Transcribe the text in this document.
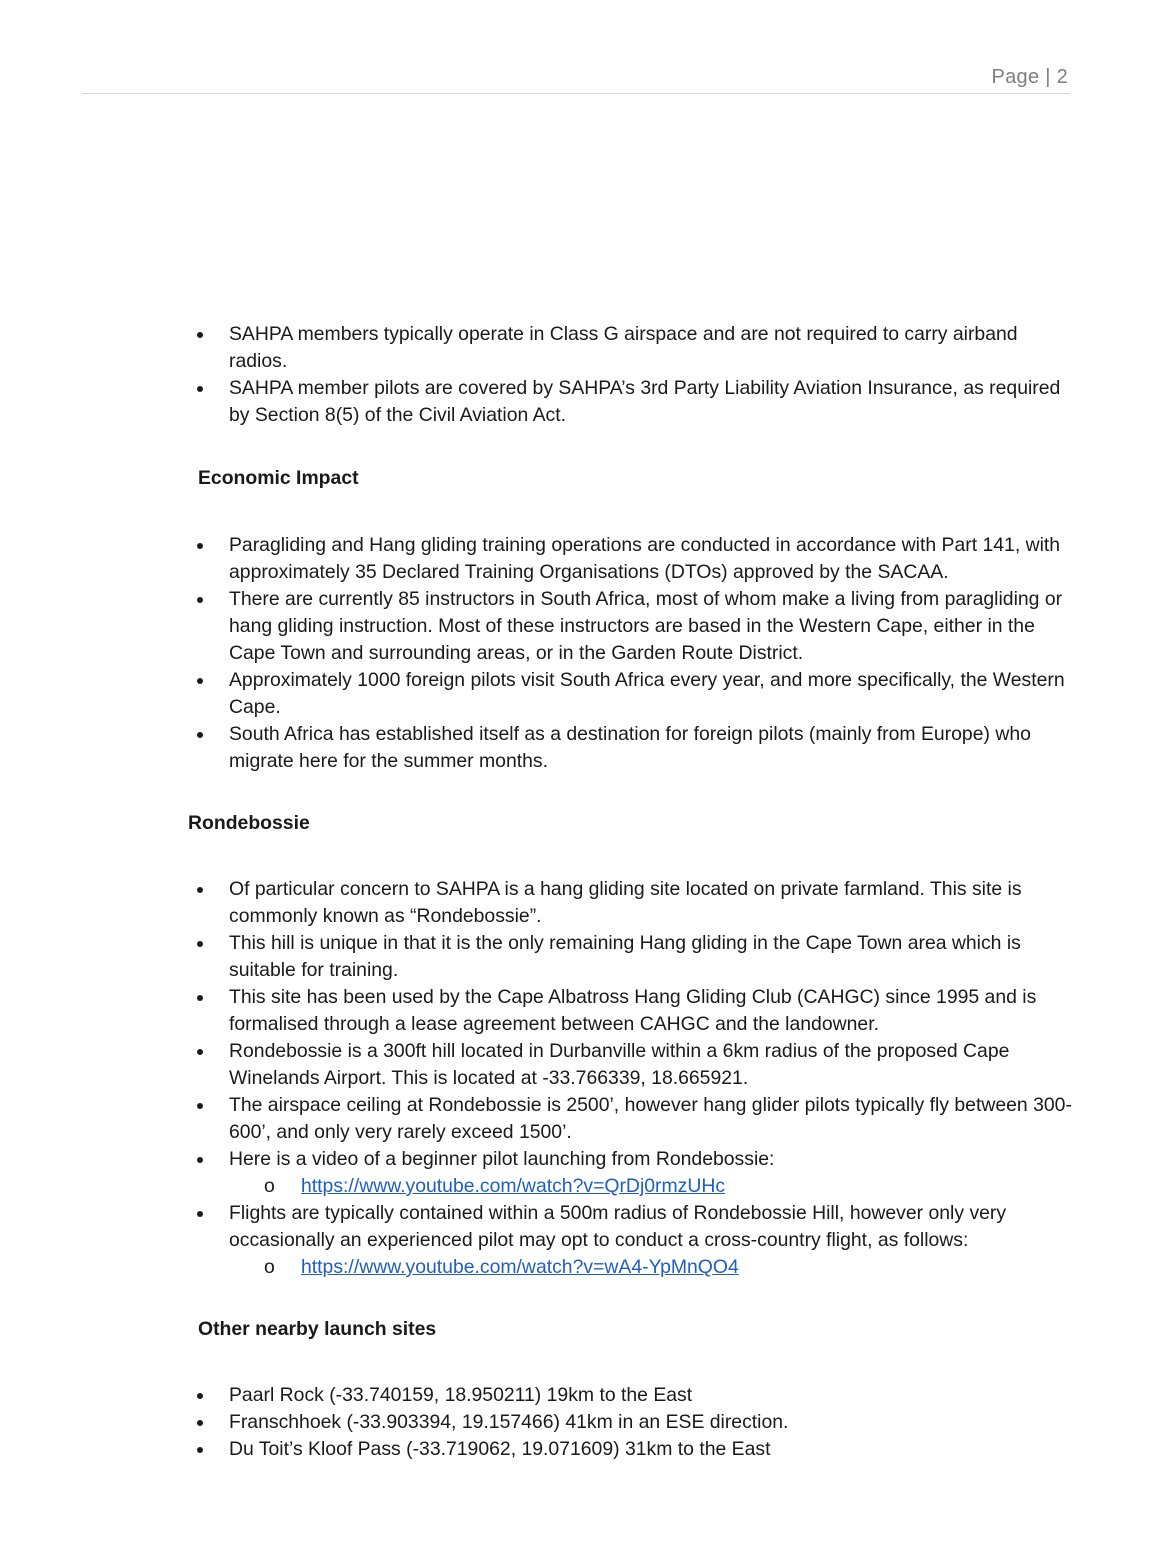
Page | 2
SAHPA members typically operate in Class G airspace and are not required to carry airband radios.
SAHPA member pilots are covered by SAHPA’s 3rd Party Liability Aviation Insurance, as required by Section 8(5) of the Civil Aviation Act.
Economic Impact
Paragliding and Hang gliding training operations are conducted in accordance with Part 141, with approximately 35 Declared Training Organisations (DTOs) approved by the SACAA.
There are currently 85 instructors in South Africa, most of whom make a living from paragliding or hang gliding instruction. Most of these instructors are based in the Western Cape, either in the Cape Town and surrounding areas, or in the Garden Route District.
Approximately 1000 foreign pilots visit South Africa every year, and more specifically, the Western Cape.
South Africa has established itself as a destination for foreign pilots (mainly from Europe) who migrate here for the summer months.
Rondebossie
Of particular concern to SAHPA is a hang gliding site located on private farmland. This site is commonly known as “Rondebossie”.
This hill is unique in that it is the only remaining Hang gliding in the Cape Town area which is suitable for training.
This site has been used by the Cape Albatross Hang Gliding Club (CAHGC) since 1995 and is formalised through a lease agreement between CAHGC and the landowner.
Rondebossie is a 300ft hill located in Durbanville within a 6km radius of the proposed Cape Winelands Airport. This is located at -33.766339, 18.665921.
The airspace ceiling at Rondebossie is 2500’, however hang glider pilots typically fly between 300-600’, and only very rarely exceed 1500’.
Here is a video of a beginner pilot launching from Rondebossie:
o https://www.youtube.com/watch?v=QrDj0rmzUHc
Flights are typically contained within a 500m radius of Rondebossie Hill, however only very occasionally an experienced pilot may opt to conduct a cross-country flight, as follows:
o https://www.youtube.com/watch?v=wA4-YpMnQO4
Other nearby launch sites
Paarl Rock (-33.740159, 18.950211) 19km to the East
Franschhoek (-33.903394, 19.157466) 41km in an ESE direction.
Du Toit’s Kloof Pass (-33.719062, 19.071609) 31km to the East
